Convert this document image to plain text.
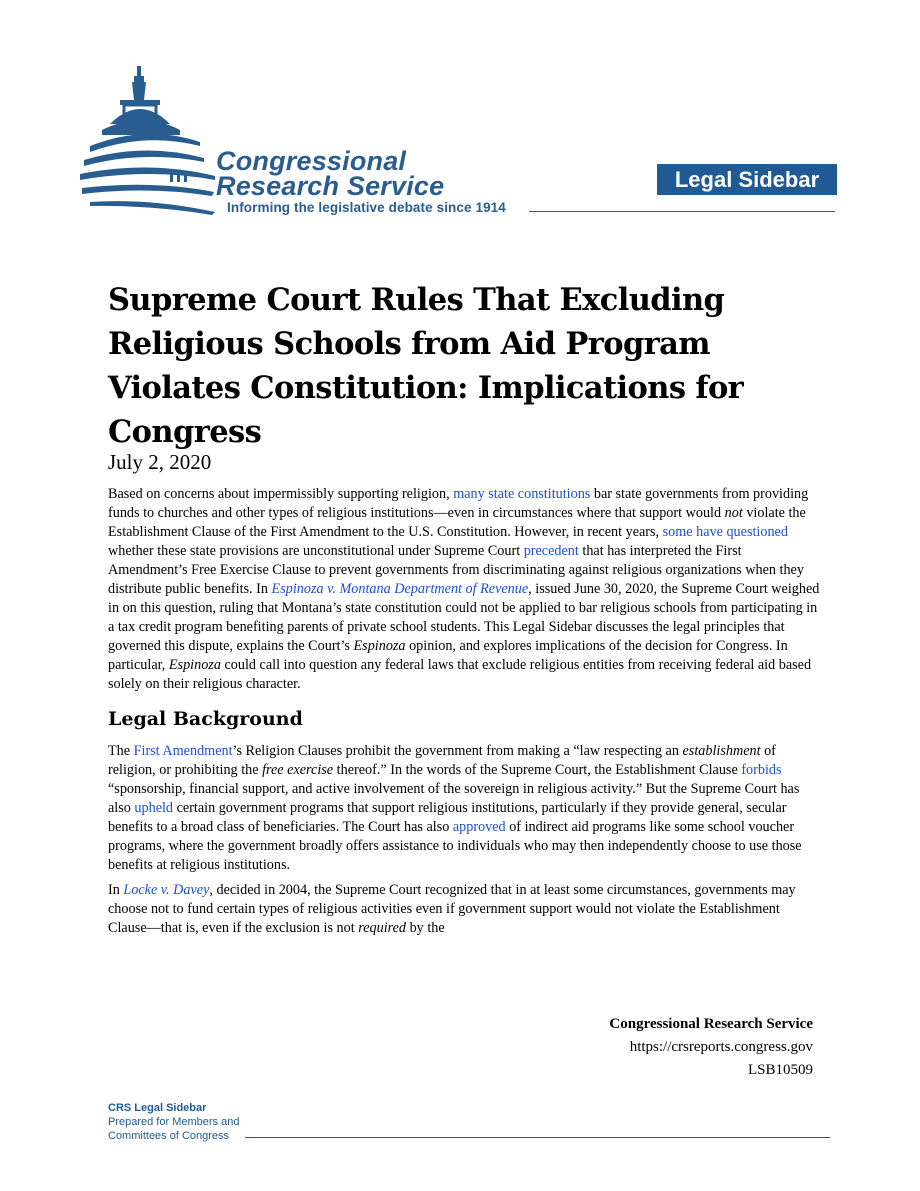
Congressional
Research Service
Informing the legislative debate since 1914
Legal Sidebar
Supreme Court Rules That Excluding Religious Schools from Aid Program Violates Constitution: Implications for Congress
July 2, 2020

Based on concerns about impermissibly supporting religion, many state constitutions bar state governments from providing funds to churches and other types of religious institutions—even in circumstances where that support would not violate the Establishment Clause of the First Amendment to the U.S. Constitution. However, in recent years, some have questioned whether these state provisions are unconstitutional under Supreme Court precedent that has interpreted the First Amendment’s Free Exercise Clause to prevent governments from discriminating against religious organizations when they distribute public benefits. In Espinoza v. Montana Department of Revenue, issued June 30, 2020, the Supreme Court weighed in on this question, ruling that Montana’s state constitution could not be applied to bar religious schools from participating in a tax credit program benefiting parents of private school students. This Legal Sidebar discusses the legal principles that governed this dispute, explains the Court’s Espinoza opinion, and explores implications of the decision for Congress. In particular, Espinoza could call into question any federal laws that exclude religious entities from receiving federal aid based solely on their religious character.

Legal Background

The First Amendment’s Religion Clauses prohibit the government from making a “law respecting an establishment of religion, or prohibiting the free exercise thereof.” In the words of the Supreme Court, the Establishment Clause forbids “sponsorship, financial support, and active involvement of the sovereign in religious activity.” But the Supreme Court has also upheld certain government programs that support religious institutions, particularly if they provide general, secular benefits to a broad class of beneficiaries. The Court has also approved of indirect aid programs like some school voucher programs, where the government broadly offers assistance to individuals who may then independently choose to use those benefits at religious institutions.

In Locke v. Davey, decided in 2004, the Supreme Court recognized that in at least some circumstances, governments may choose not to fund certain types of religious activities even if government support would not violate the Establishment Clause—that is, even if the exclusion is not required by the

Congressional Research Service
https://crsreports.congress.gov
LSB10509
CRS Legal Sidebar
Prepared for Members and
Committees of Congress
